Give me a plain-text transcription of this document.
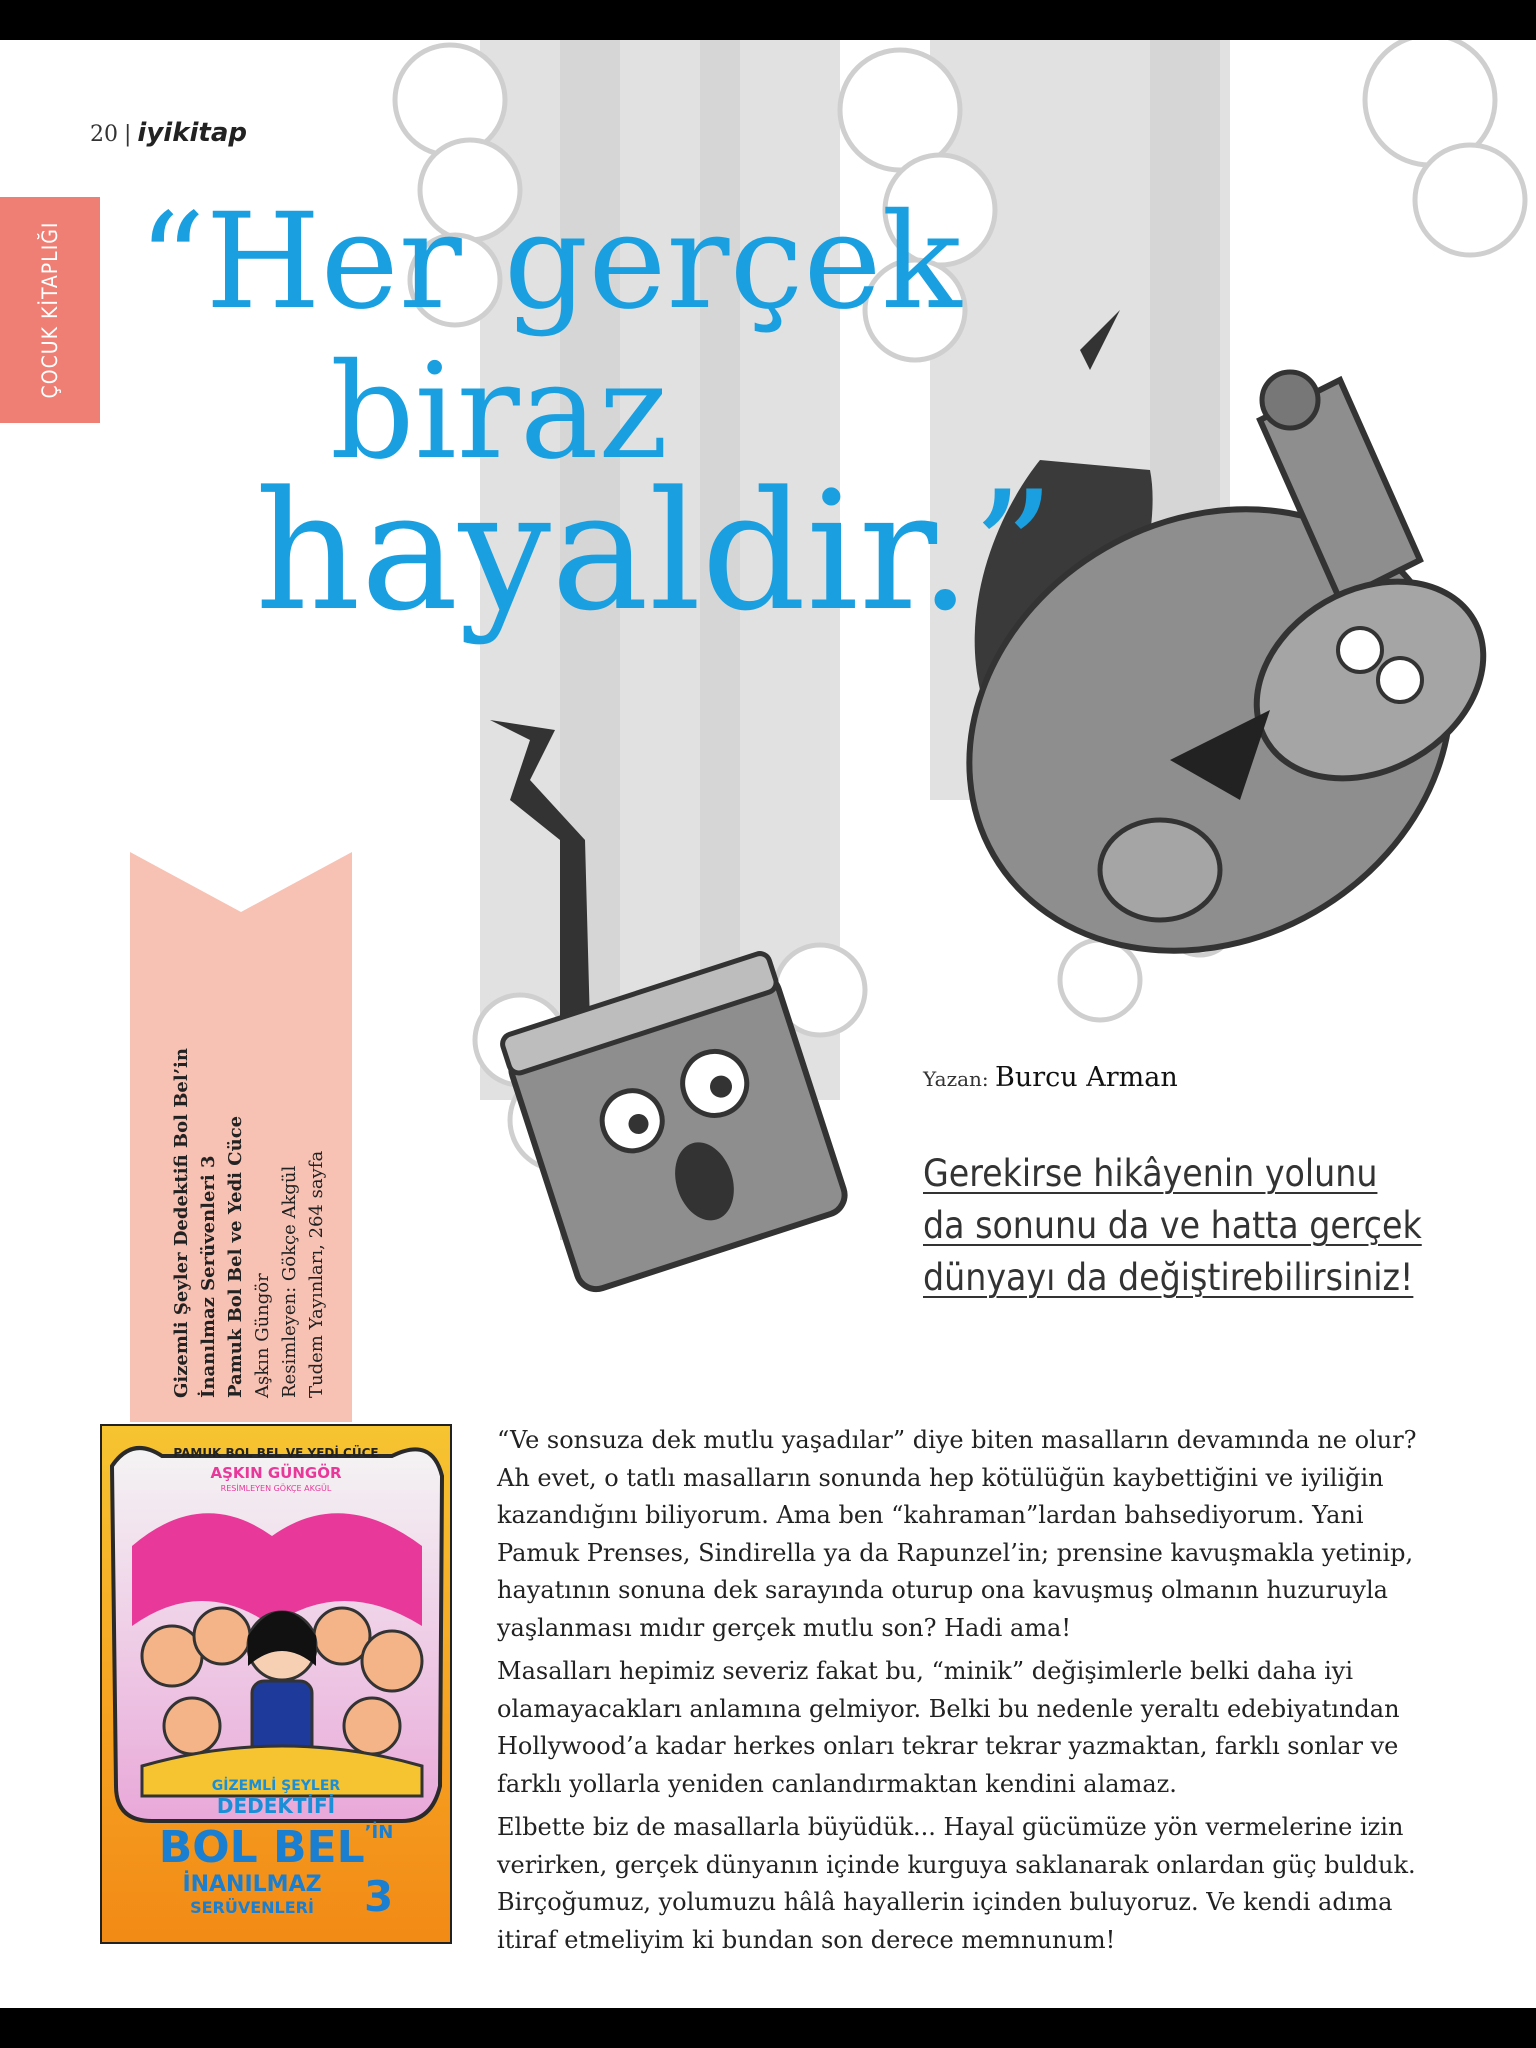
20 | iyikitap
ÇOCUK KİTAPLIĞI “Her gerçek
biraz
hayaldir.”
Gizemli Şeyler Dedektifi Bol Bel’in İnanılmaz Serüvenleri 3 Pamuk Bol Bel ve Yedi Cüce Aşkın Güngör Resimleyen: Gökçe Akgül Tudem Yayınları, 264 sayfa
PAMUK BOL BEL VE YEDİ CÜCE
AŞKIN GÜNGÖR
RESİMLEYEN GÖKÇE AKGÜL
GİZEMLİ ŞEYLER
DEDEKTİFİ
BOL BEL’İN
İNANILMAZ
SERÜVENLERİ	3
Yazan: Burcu Arman
Gerekirse hikâyenin yolunu
da sonunu da ve hatta gerçek
dünyayı da değiştirebilirsiniz!

“Ve sonsuza dek mutlu yaşadılar” diye biten masalların devamında ne olur? Ah evet, o tatlı masalların sonunda hep kötülüğün kaybettiğini ve iyiliğin kazandığını biliyorum. Ama ben “kahraman”lardan bahsediyorum. Yani Pamuk Prenses, Sindirella ya da Rapunzel’in; prensine kavuşmakla yetinip, hayatının sonuna dek sarayında oturup ona kavuşmuş olmanın huzuruyla yaşlanması mıdır gerçek mutlu son? Hadi ama!

Masalları hepimiz severiz fakat bu, “minik” değişimlerle belki daha iyi olamayacakları anlamına gelmiyor. Belki bu nedenle yeraltı edebiyatından Hollywood’a kadar herkes onları tekrar tekrar yazmaktan, farklı sonlar ve farklı yollarla yeniden canlandırmaktan kendini alamaz.

Elbette biz de masallarla büyüdük... Hayal gücümüze yön vermelerine izin verirken, gerçek dünyanın içinde kurguya saklanarak onlardan güç bulduk. Birçoğumuz, yolumuzu hâlâ hayallerin içinden buluyoruz. Ve kendi adıma itiraf etmeliyim ki bundan son derece memnunum!
